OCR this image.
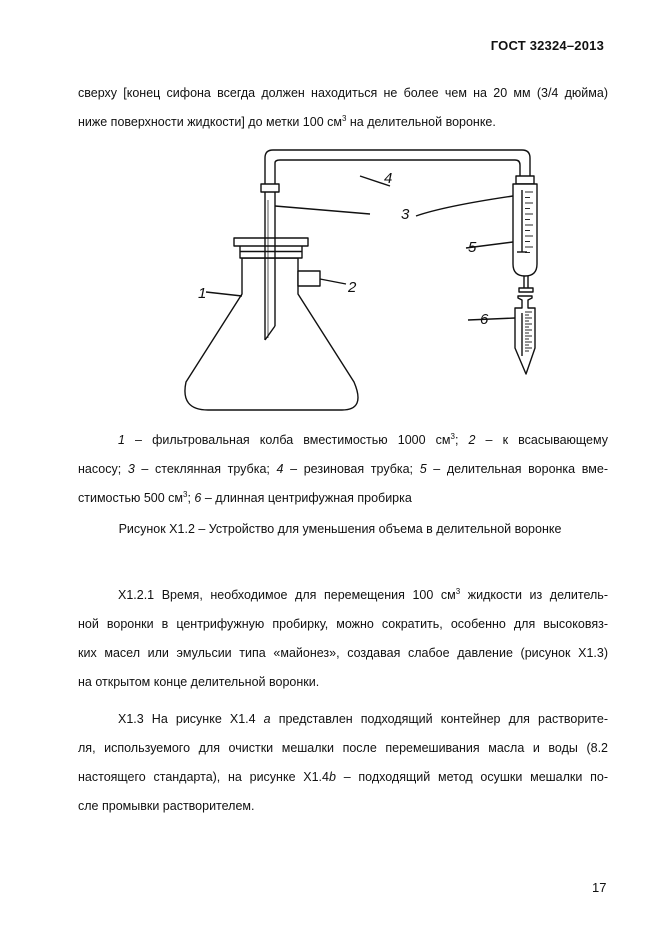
ГОСТ 32324–2013
сверху [конец сифона всегда должен находиться не более чем на 20 мм (3/4 дюйма)
ниже поверхности жидкости] до метки 100 $см^3$ на делительной воронке.
1	2
3
4
5
6
1 – фильтровальная колба вместимостью 1000 $см^3$; 2 – к всасывающему
насосу; 3 – стеклянная трубка; 4 – резиновая трубка; 5 – делительная воронка вме-
стимостью 500 $см^3$; 6 – длинная центрифужная пробирка
Рисунок Х1.2 – Устройство для уменьшения объема в делительной воронке
Х1.2.1 Время, необходимое для перемещения 100 $см^3$ жидкости из делитель-
ной воронки в центрифужную пробирку, можно сократить, особенно для высоковяз-
ких масел или эмульсии типа «майонез», создавая слабое давление (рисунок Х1.3)
на открытом конце делительной воронки.
Х1.3 На рисунке Х1.4 а представлен подходящий контейнер для растворите-
ля, используемого для очистки мешалки после перемешивания масла и воды (8.2
настоящего стандарта), на рисунке Х1.4b – подходящий метод осушки мешалки по-
сле промывки растворителем.
17
